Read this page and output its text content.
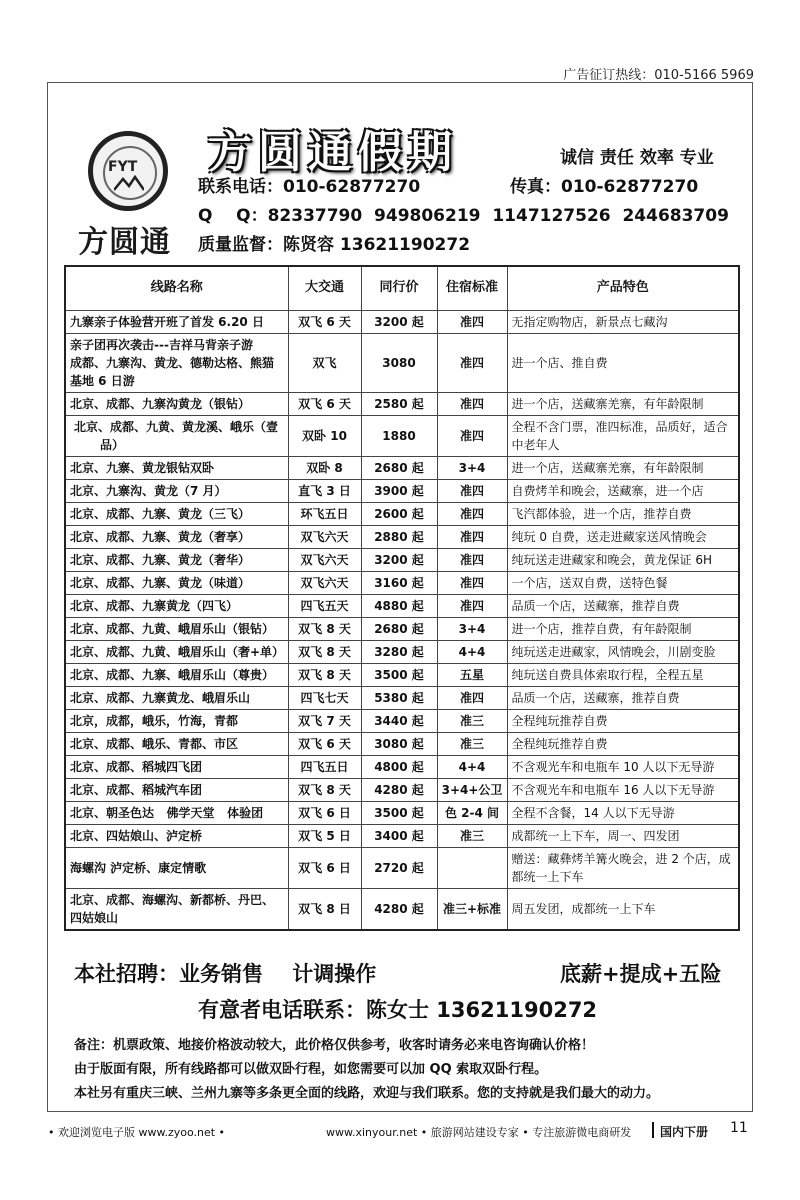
广告征订热线：010-5166 5969
FYT
方圆通
方圆通假期	诚信 责任 效率 专业
联系电话：010-62877270	传真：010-62877270
Q    Q：82337790  949806219  1147127526  244683709
质量监督：陈贤容 13621190272
线路名称	大交通	同行价	住宿标准	产品特色
九寨亲子体验营开班了首发 6.20 日	双飞 6 天	3200 起	准四	无指定购物店，新景点七藏沟
亲子团再次袭击---吉祥马背亲子游
成都、九寨沟、黄龙、德勒达格、熊猫基地 6 日游	双飞	3080	准四	进一个店、推自费
北京、成都、九寨沟黄龙（银钻）	双飞 6 天	2580 起	准四	进一个店，送藏寨羌寨，有年龄限制
北京、成都、九黄、黄龙溪、峨乐（壹品）	双卧 10	1880	准四	全程不含门票，准四标准，品质好，适合中老年人
北京、九寨、黄龙银钻双卧	双卧 8	2680 起	3+4	进一个店，送藏寨羌寨，有年龄限制
北京、九寨沟、黄龙（7 月）	直飞 3 日	3900 起	准四	自费烤羊和晚会，送藏寨，进一个店
北京、成都、九寨、黄龙（三飞）	环飞五日	2600 起	准四	飞汽都体验，进一个店，推荐自费
北京、成都、九寨、黄龙（奢享）	双飞六天	2880 起	准四	纯玩 0 自费，送走进藏家送风情晚会
北京、成都、九寨、黄龙（奢华）	双飞六天	3200 起	准四	纯玩送走进藏家和晚会，黄龙保证 6H
北京、成都、九寨、黄龙（味道）	双飞六天	3160 起	准四	一个店，送双自费，送特色餐
北京、成都、九寨黄龙（四飞）	四飞五天	4880 起	准四	品质一个店，送藏寨，推荐自费
北京、成都、九黄、峨眉乐山（银钻）	双飞 8 天	2680 起	3+4	进一个店，推荐自费，有年龄限制
北京、成都、九黄、峨眉乐山（奢+单）	双飞 8 天	3280 起	4+4	纯玩送走进藏家，风情晚会，川剧变脸
北京、成都、九寨、峨眉乐山（尊贵）	双飞 8 天	3500 起	五星	纯玩送自费具体索取行程，全程五星
北京、成都、九寨黄龙、峨眉乐山	四飞七天	5380 起	准四	品质一个店，送藏寨，推荐自费
北京，成都，峨乐，竹海，青都	双飞 7 天	3440 起	准三	全程纯玩推荐自费
北京、成都、峨乐、青都、市区	双飞 6 天	3080 起	准三	全程纯玩推荐自费
北京、成都、稻城四飞团	四飞五日	4800 起	4+4	不含观光车和电瓶车 10 人以下无导游
北京、成都、稻城汽车团	双飞 8 天	4280 起	3+4+公卫	不含观光车和电瓶车 16 人以下无导游
北京、朝圣色达   佛学天堂   体验团	双飞 6 日	3500 起	色 2-4 间	全程不含餐，14 人以下无导游
北京、四姑娘山、泸定桥	双飞 5 日	3400 起	准三	成都统一上下车，周一、四发团
海螺沟 泸定桥、康定情歌	双飞 6 日	2720 起		赠送：藏彝烤羊篝火晚会，进 2 个店，成都统一上下车
北京、成都、海螺沟、新都桥、丹巴、四姑娘山	双飞 8 日	4280 起	准三+标准	周五发团，成都统一上下车
本社招聘：业务销售    计调操作	底薪+提成+五险
有意者电话联系：陈女士 13621190272
备注：机票政策、地接价格波动较大，此价格仅供参考，收客时请务必来电咨询确认价格！
由于版面有限，所有线路都可以做双卧行程，如您需要可以加 QQ 索取双卧行程。
本社另有重庆三峡、兰州九寨等多条更全面的线路，欢迎与我们联系。您的支持就是我们最大的动力。
• 欢迎浏览电子版 www.zyoo.net •	www.xinyour.net • 旅游网站建设专家 • 专注旅游微电商研发 国内下册 11
